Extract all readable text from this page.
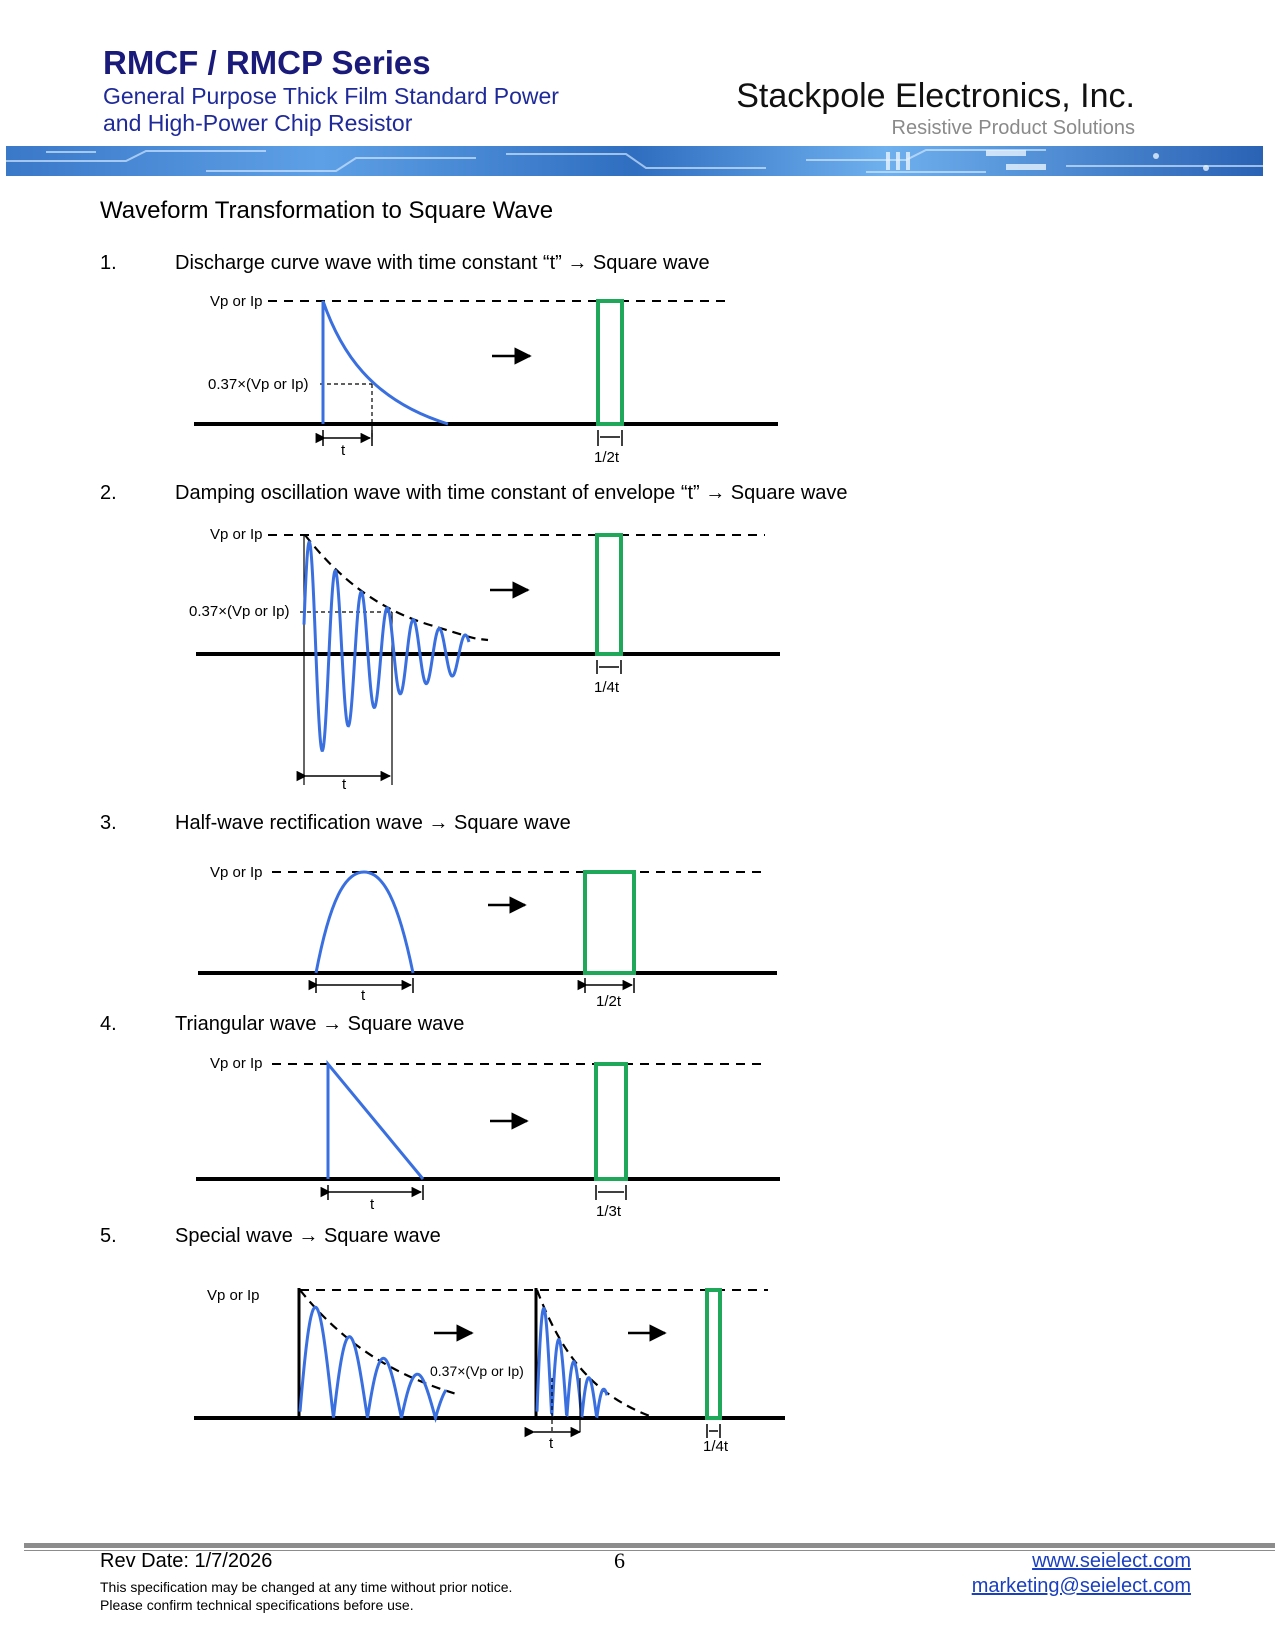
RMCF / RMCP Series
General Purpose Thick Film Standard Power
and High-Power Chip Resistor
Stackpole Electronics, Inc.
Resistive Product Solutions
Waveform Transformation to Square Wave
1.	Discharge curve wave with time constant “t” → Square wave
2.	Damping oscillation wave with time constant of envelope “t” → Square wave
3.	Half-wave rectification wave → Square wave
4.	Triangular wave → Square wave
5.	Special wave → Square wave
Vp or Ip
0.37×(Vp or Ip)
t	1/2t
Vp or Ip
0.37×(Vp or Ip)
t
1/4t
Vp or Ip
t	1/2t
Vp or Ip
t	1/3t
Vp or Ip
0.37×(Vp or Ip)
t	1/4t
Rev Date: 1/7/2026	6
This specification may be changed at any time without prior notice.
Please confirm technical specifications before use.
www.seielect.com
marketing@seielect.com
